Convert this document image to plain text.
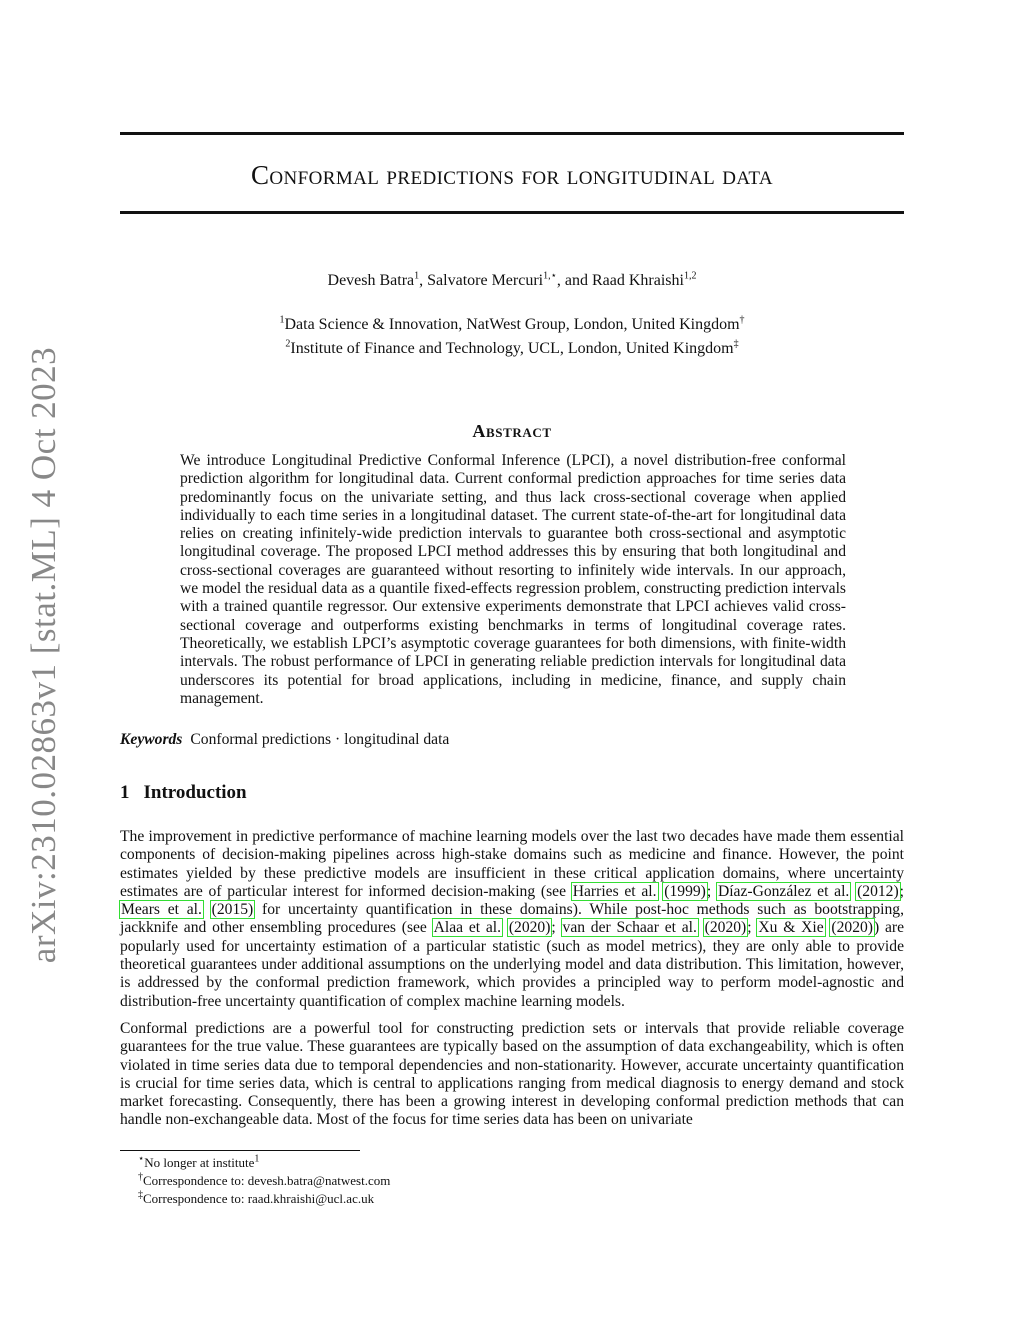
arXiv:2310.02863v1 [stat.ML] 4 Oct 2023
Conformal predictions for longitudinal data
Devesh Batra$^1$, Salvatore Mercuri$^{1,⋆}$, and Raad Khraishi$^{1,2}$
$^1$Data Science & Innovation, NatWest Group, London, United Kingdom†
$^2$Institute of Finance and Technology, UCL, London, United Kingdom‡
Abstract
We introduce Longitudinal Predictive Conformal Inference (LPCI), a novel distribution-free conformal prediction algorithm for longitudinal data. Current conformal prediction approaches for time series data predominantly focus on the univariate setting, and thus lack cross-sectional coverage when applied individually to each time series in a longitudinal dataset. The current state-of-the-art for longitudinal data relies on creating infinitely-wide prediction intervals to guarantee both cross-sectional and asymptotic longitudinal coverage. The proposed LPCI method addresses this by ensuring that both longitudinal and cross-sectional coverages are guaranteed without resorting to infinitely wide intervals. In our approach, we model the residual data as a quantile fixed-effects regression problem, constructing prediction intervals with a trained quantile regressor. Our extensive experiments demonstrate that LPCI achieves valid cross-sectional coverage and outperforms existing benchmarks in terms of longitudinal coverage rates. Theoretically, we establish LPCI’s asymptotic coverage guarantees for both dimensions, with finite-width intervals. The robust performance of LPCI in generating reliable prediction intervals for longitudinal data underscores its potential for broad applications, including in medicine, finance, and supply chain management.
Keywords Conformal predictions · longitudinal data
1 Introduction
The improvement in predictive performance of machine learning models over the last two decades have made them essential components of decision-making pipelines across high-stake domains such as medicine and finance. However, the point estimates yielded by these predictive models are insufficient in these critical application domains, where uncertainty estimates are of particular interest for informed decision-making (see Harries et al. (1999); Díaz-González et al. (2012); Mears et al. (2015) for uncertainty quantification in these domains). While post-hoc methods such as bootstrapping, jackknife and other ensembling procedures (see Alaa et al. (2020); van der Schaar et al. (2020); Xu & Xie (2020)) are popularly used for uncertainty estimation of a particular statistic (such as model metrics), they are only able to provide theoretical guarantees under additional assumptions on the underlying model and data distribution. This limitation, however, is addressed by the conformal prediction framework, which provides a principled way to perform model-agnostic and distribution-free uncertainty quantification of complex machine learning models.
Conformal predictions are a powerful tool for constructing prediction sets or intervals that provide reliable coverage guarantees for the true value. These guarantees are typically based on the assumption of data exchangeability, which is often violated in time series data due to temporal dependencies and non-stationarity. However, accurate uncertainty quantification is crucial for time series data, which is central to applications ranging from medical diagnosis to energy demand and stock market forecasting. Consequently, there has been a growing interest in developing conformal prediction methods that can handle non-exchangeable data. Most of the focus for time series data has been on univariate
⋆No longer at institute$^1$
†Correspondence to: devesh.batra@natwest.com
‡Correspondence to: raad.khraishi@ucl.ac.uk
